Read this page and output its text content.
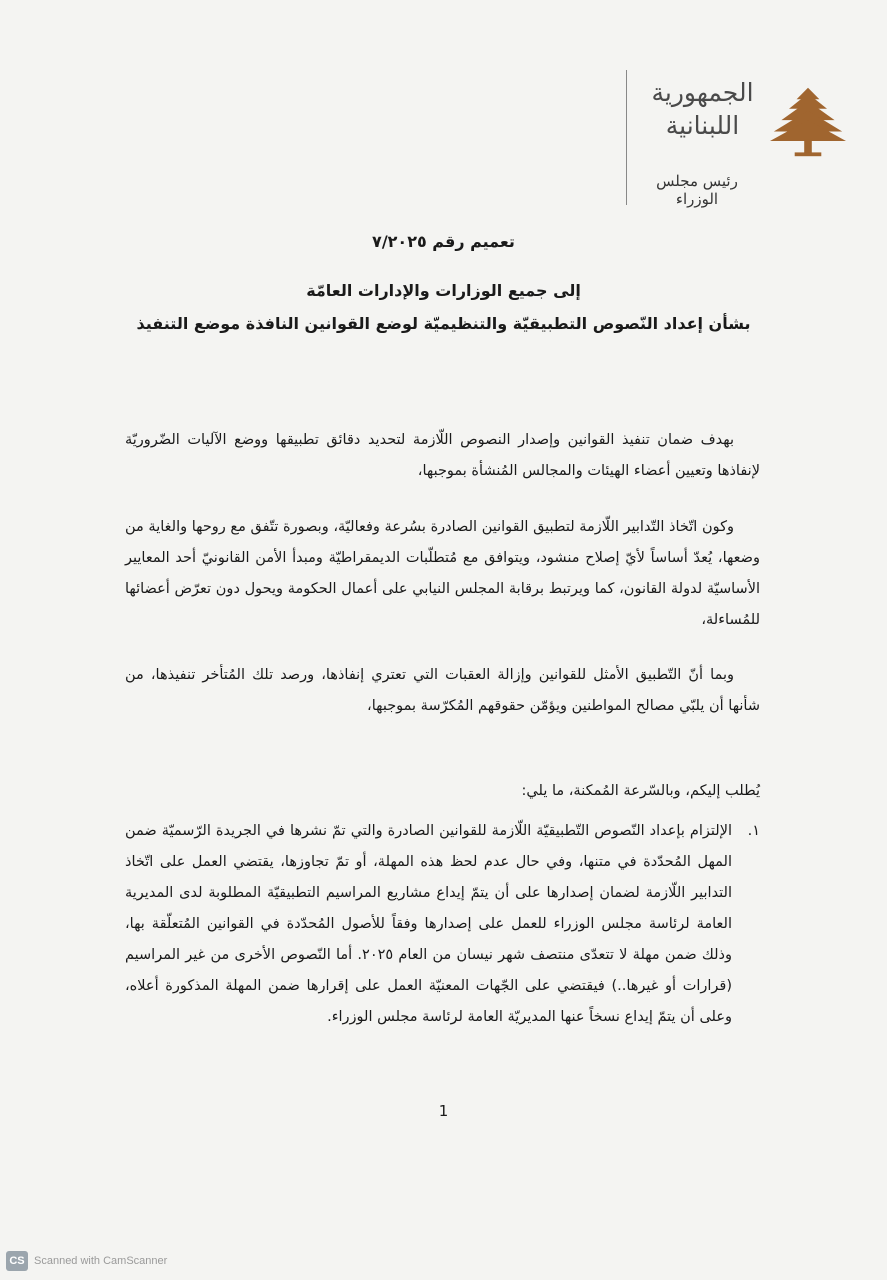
الجمهورية
اللبنانية
رئيس مجلس الوزراء
تعميم رقم ٧/٢٠٢٥
إلى جميع الوزارات والإدارات العامّة
بشأن إعداد النّصوص التطبيقيّة والتنظيميّة لوضع القوانين النافذة موضع التنفيذ
بهدف ضمان تنفيذ القوانين وإصدار النصوص اللّازمة لتحديد دقائق تطبيقها ووضع الآليات الضّروريّة لإنفاذها وتعيين أعضاء الهيئات والمجالس المُنشأة بموجبها،
وكون اتّخاذ التّدابير اللّازمة لتطبيق القوانين الصادرة بسُرعة وفعاليّة، وبصورة تتّفق مع روحها والغاية من وضعها، يُعدّ أساساً لأيّ إصلاح منشود، ويتوافق مع مُتطلّبات الديمقراطيّة ومبدأ الأمن القانونيّ أحد المعايير الأساسيّة لدولة القانون، كما ويرتبط برقابة المجلس النيابي على أعمال الحكومة ويحول دون تعرّض أعضائها للمُساءلة،
وبما أنّ التّطبيق الأمثل للقوانين وإزالة العقبات التي تعتري إنفاذها، ورصد تلك المُتأخر تنفيذها، من شأنها أن يلبّي مصالح المواطنين ويؤمّن حقوقهم المُكرّسة بموجبها،
يُطلب إليكم، وبالسّرعة المُمكنة، ما يلي:
١.
الإلتزام بإعداد النّصوص التّطبيقيّة اللّازمة للقوانين الصادرة والتي تمّ نشرها في الجريدة الرّسميّة ضمن المهل المُحدّدة في متنها، وفي حال عدم لحظ هذه المهلة، أو تمّ تجاوزها، يقتضي العمل على اتّخاذ التدابير اللّازمة لضمان إصدارها على أن يتمّ إيداع مشاريع المراسيم التطبيقيّة المطلوبة لدى المديرية العامة لرئاسة مجلس الوزراء للعمل على إصدارها وفقاً للأصول المُحدّدة في القوانين المُتعلّقة بها، وذلك ضمن مهلة لا تتعدّى منتصف شهر نيسان من العام ٢٠٢٥. أما النّصوص الأخرى من غير المراسيم (قرارات أو غيرها..) فيقتضي على الجّهات المعنيّة العمل على إقرارها ضمن المهلة المذكورة أعلاه، وعلى أن يتمّ إيداع نسخاً عنها المديريّة العامة لرئاسة مجلس الوزراء.
1
CS Scanned with CamScanner
